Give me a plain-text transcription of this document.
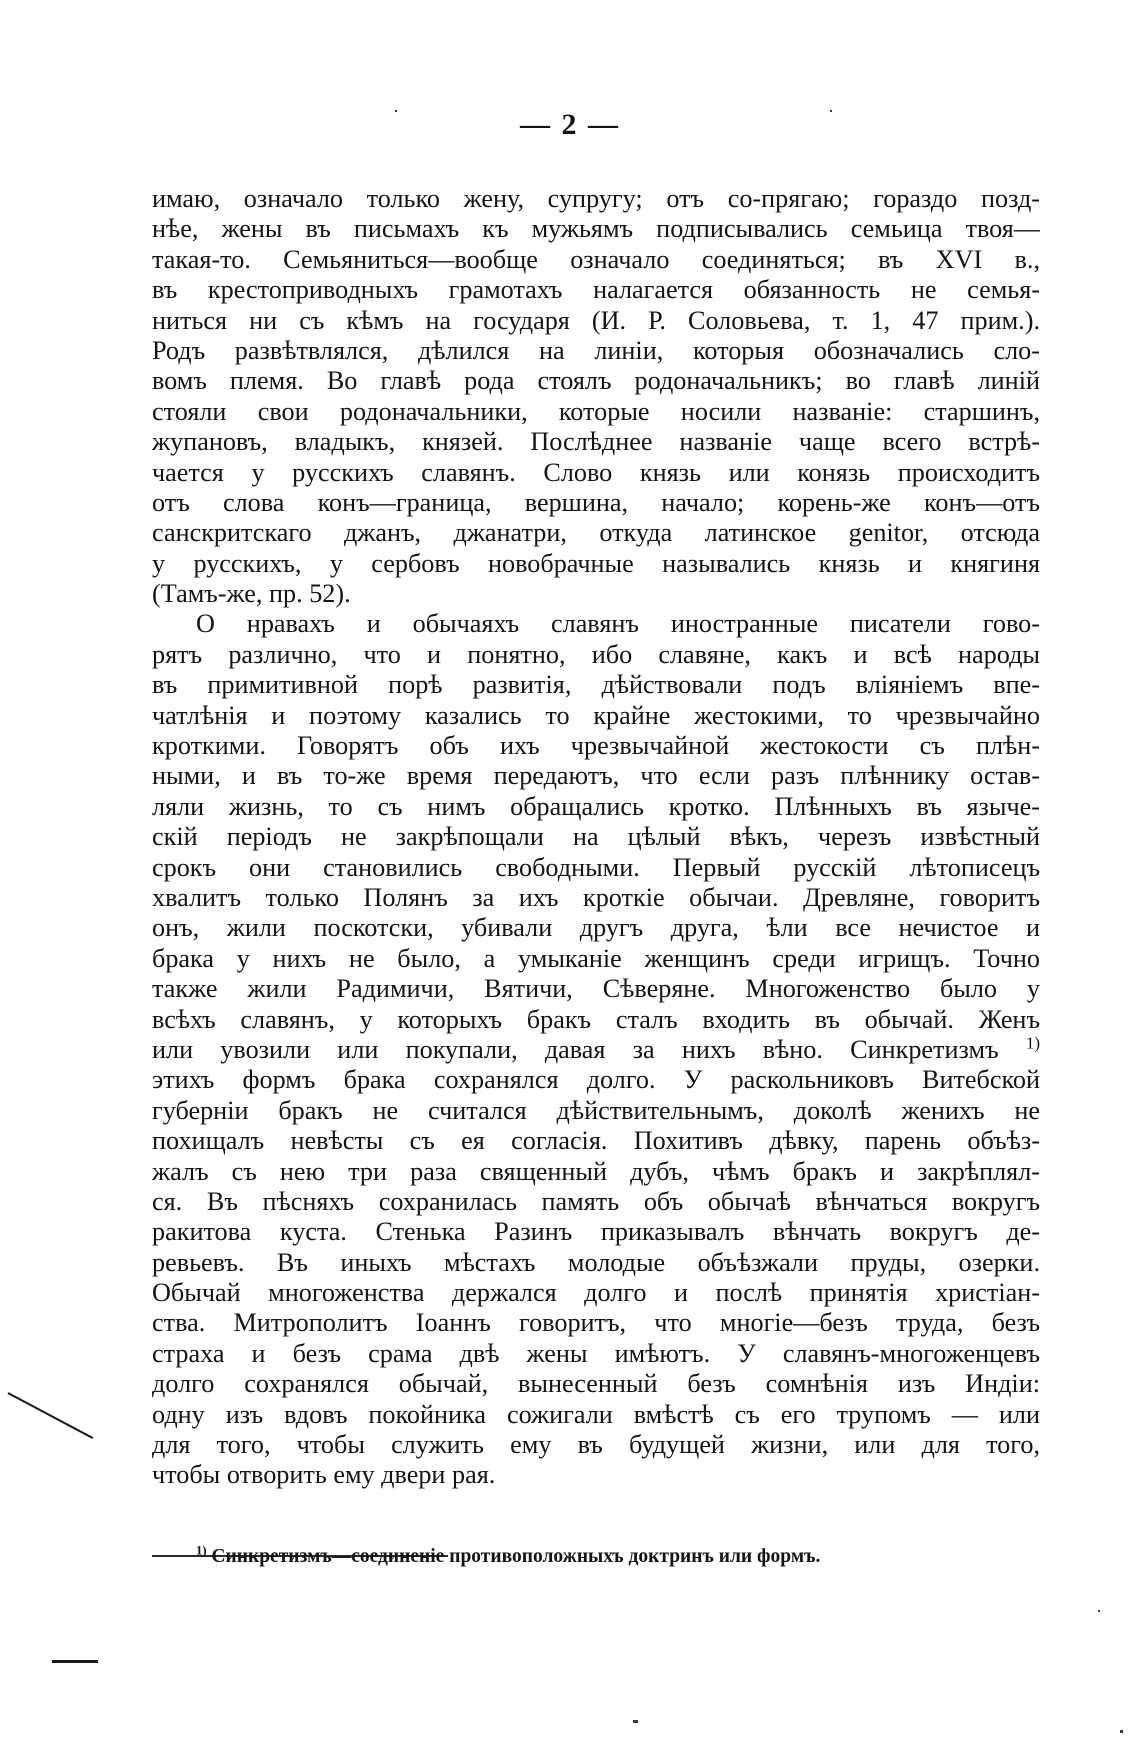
— 2 —
имаю, означало только жену, супругу; отъ со-прягаю; гораздо позд-
нѣе, жены въ письмахъ къ мужьямъ подписывались семьица твоя—
такая-то. Семьяниться—вообще означало соединяться; въ XVI в.,
въ крестоприводныхъ грамотахъ налагается обязанность не семья-
ниться ни съ кѣмъ на государя (И. Р. Соловьева, т. 1, 47 прим.).
Родъ развѣтвлялся, дѣлился на линіи, которыя обозначались сло-
вомъ племя. Во главѣ рода стоялъ родоначальникъ; во главѣ линій
стояли свои родоначальники, которые носили названіе: старшинъ,
жупановъ, владыкъ, князей. Послѣднее названіе чаще всего встрѣ-
чается у русскихъ славянъ. Слово князь или конязь происходитъ
отъ слова конъ—граница, вершина, начало; корень-же конъ—отъ
санскритскаго джанъ, джанатри, откуда латинское genitor, отсюда
у русскихъ, у сербовъ новобрачные назывались князь и княгиня
(Тамъ-же, пр. 52).
О нравахъ и обычаяхъ славянъ иностранные писатели гово-
рятъ различно, что и понятно, ибо славяне, какъ и всѣ народы
въ примитивной порѣ развитія, дѣйствовали подъ вліяніемъ впе-
чатлѣнія и поэтому казались то крайне жестокими, то чрезвычайно
кроткими. Говорятъ объ ихъ чрезвычайной жестокости съ плѣн-
ными, и въ то-же время передаютъ, что если разъ плѣннику остав-
ляли жизнь, то съ нимъ обращались кротко. Плѣнныхъ въ языче-
скій періодъ не закрѣпощали на цѣлый вѣкъ, черезъ извѣстный
срокъ они становились свободными. Первый русскій лѣтописецъ
хвалитъ только Полянъ за ихъ кроткіе обычаи. Древляне, говоритъ
онъ, жили поскотски, убивали другъ друга, ѣли все нечистое и
брака у нихъ не было, а умыканіе женщинъ среди игрищъ. Точно
также жили Радимичи, Вятичи, Сѣверяне. Многоженство было у
всѣхъ славянъ, у которыхъ бракъ сталъ входить въ обычай. Женъ
или увозили или покупали, давая за нихъ вѣно. Синкретизмъ $^{1)}$
этихъ формъ брака сохранялся долго. У раскольниковъ Витебской
губерніи бракъ не считался дѣйствительнымъ, доколѣ женихъ не
похищалъ невѣсты съ ея согласія. Похитивъ дѣвку, парень объѣз-
жалъ съ нею три раза священный дубъ, чѣмъ бракъ и закрѣплял-
ся. Въ пѣсняхъ сохранилась память объ обычаѣ вѣнчаться вокругъ
ракитова куста. Стенька Разинъ приказывалъ вѣнчать вокругъ де-
ревьевъ. Въ иныхъ мѣстахъ молодые объѣзжали пруды, озерки.
Обычай многоженства держался долго и послѣ принятія христіан-
ства. Митрополитъ Іоаннъ говоритъ, что многіе—безъ труда, безъ
страха и безъ срама двѣ жены имѣютъ. У славянъ-многоженцевъ
долго сохранялся обычай, вынесенный безъ сомнѣнія изъ Индіи:
одну изъ вдовъ покойника сожигали вмѣстѣ съ его трупомъ — или
для того, чтобы служить ему въ будущей жизни, или для того,
чтобы отворить ему двери рая.
$^{1)}$ Синкретизмъ—соединеніе противоположныхъ доктринъ или формъ.
